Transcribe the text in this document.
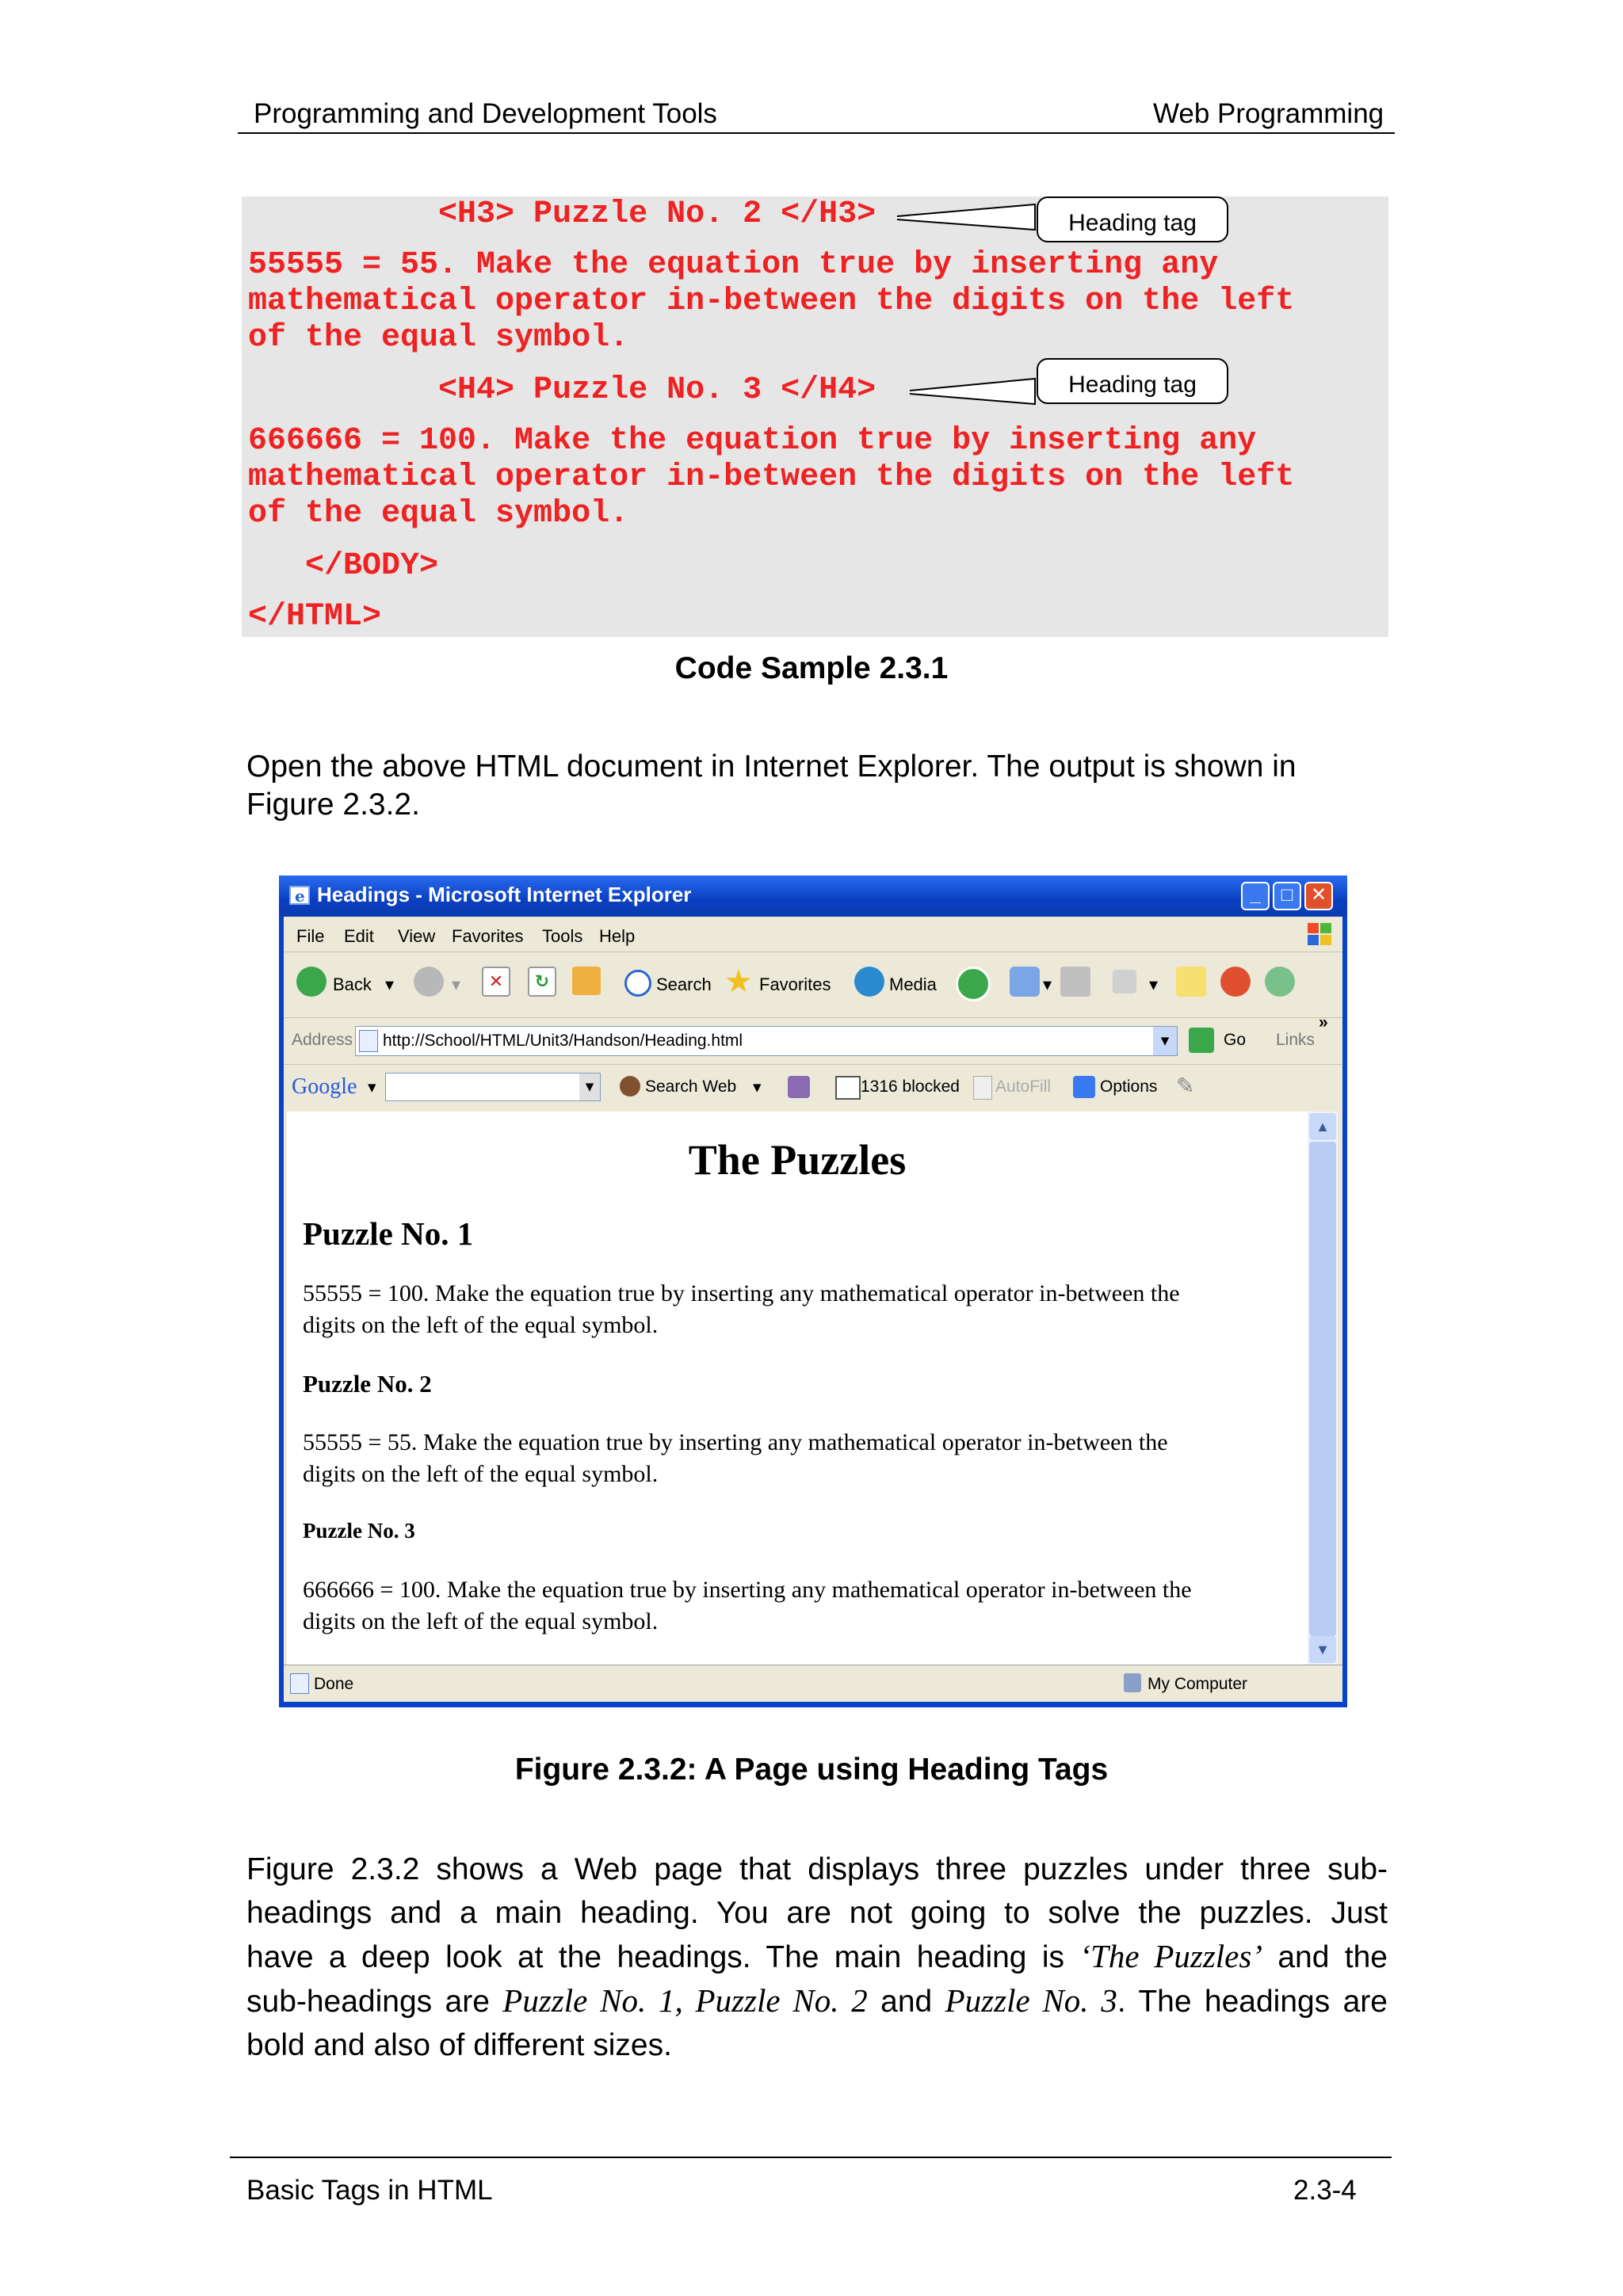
Programming and Development Tools	Web Programming
<H3> Puzzle No. 2 </H3>
55555 = 55. Make the equation true by inserting any
mathematical operator in-between the digits on the left
of the equal symbol.
<H4> Puzzle No. 3 </H4>
666666 = 100. Make the equation true by inserting any
mathematical operator in-between the digits on the left
of the equal symbol.
</BODY>
</HTML>
Heading tag
Heading tag
Code Sample 2.3.1
Open the above HTML document in Internet Explorer. The output is shown in
Figure 2.3.2.
e Headings - Microsoft Internet Explorer	_	□ ✕
File Edit View Favorites Tools Help
Back ▾	▾	✕	↻	Search ★ Favorites	Media	▾	▾
Address http://School/HTML/Unit3/Handson/Heading.html	▾	Go Links
»
Google ▾	▾	Search Web ▾	1316 blocked AutoFill	Options ✎
The Puzzles
Puzzle No. 1
55555 = 100. Make the equation true by inserting any mathematical operator in-between the
digits on the left of the equal symbol.
Puzzle No. 2
55555 = 55. Make the equation true by inserting any mathematical operator in-between the
digits on the left of the equal symbol.
Puzzle No. 3
666666 = 100. Make the equation true by inserting any mathematical operator in-between the
digits on the left of the equal symbol.
▲
▼
Done	My Computer
Figure 2.3.2: A Page using Heading Tags
Figure 2.3.2 shows a Web page that displays three puzzles under three sub-
headings and a main heading. You are not going to solve the puzzles. Just
have a deep look at the headings. The main heading is ‘The Puzzles’ and the
sub-headings are Puzzle No. 1, Puzzle No. 2 and Puzzle No. 3. The headings are
bold and also of different sizes.
Basic Tags in HTML	2.3-4
